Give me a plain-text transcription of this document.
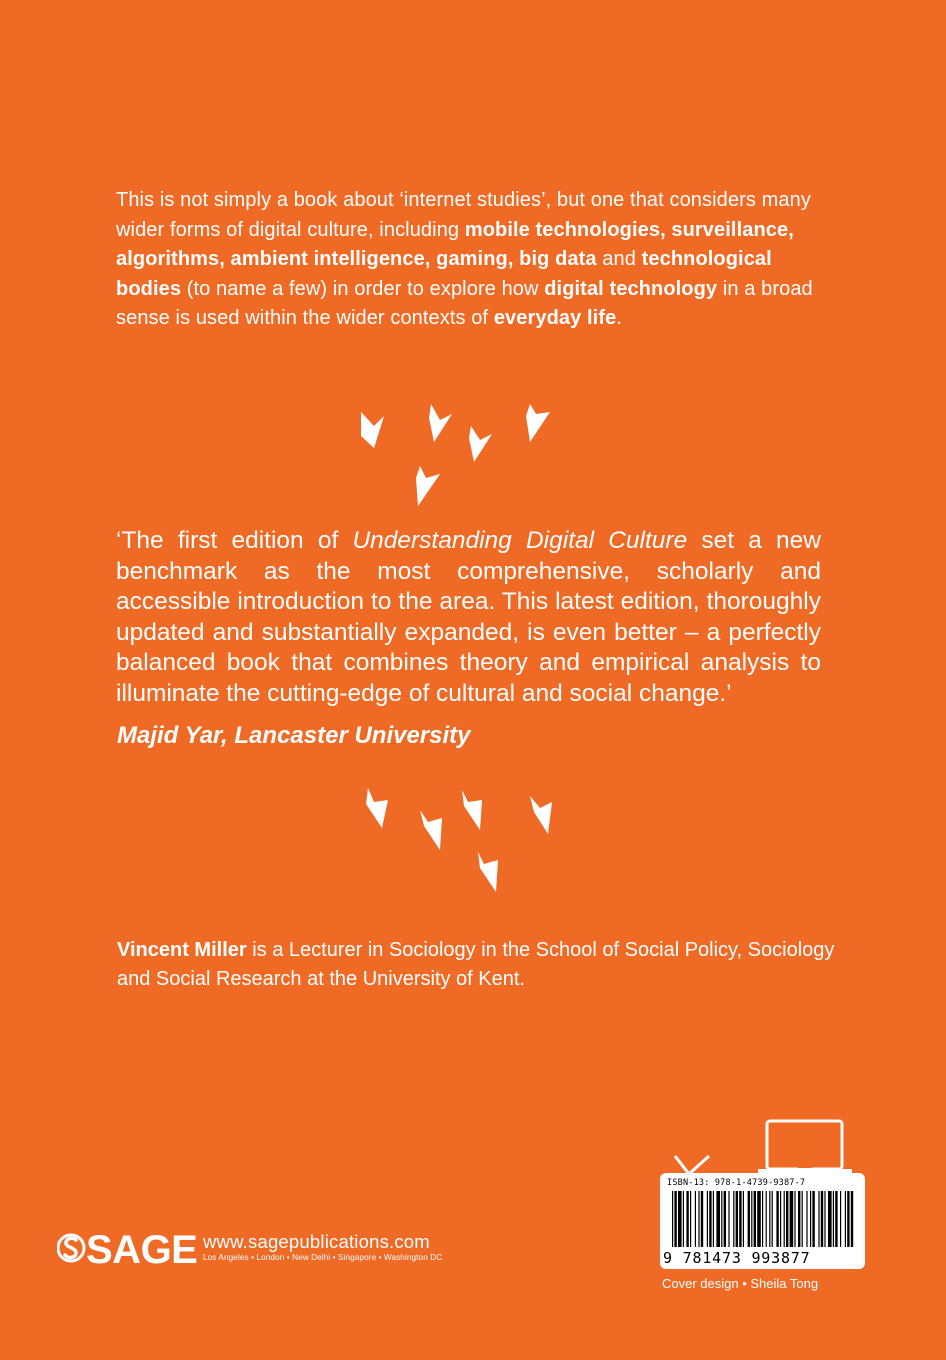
This is not simply a book about ‘internet studies’, but one that considers many wider forms of digital culture, including mobile technologies, surveillance, algorithms, ambient intelligence, gaming, big data and technological bodies (to name a few) in order to explore how digital technology in a broad sense is used within the wider contexts of everyday life.

‘The first edition of Understanding Digital Culture set a new benchmark as the most comprehensive, scholarly and accessible introduction to the area. This latest edition, thoroughly updated and substantially expanded, is even better – a perfectly balanced book that combines theory and empirical analysis to illuminate the cutting-edge of cultural and social change.’

Majid Yar, Lancaster University

Vincent Miller is a Lecturer in Sociology in the School of Social Policy, Sociology and Social Research at the University of Kent.

SAGE www.sagepublications.com
Los Angeles • London • New Delhi • Singapore • Washington DC
ISBN-13: 978-1-4739-9387-7
9 781473 993877
Cover design • Sheila Tong
